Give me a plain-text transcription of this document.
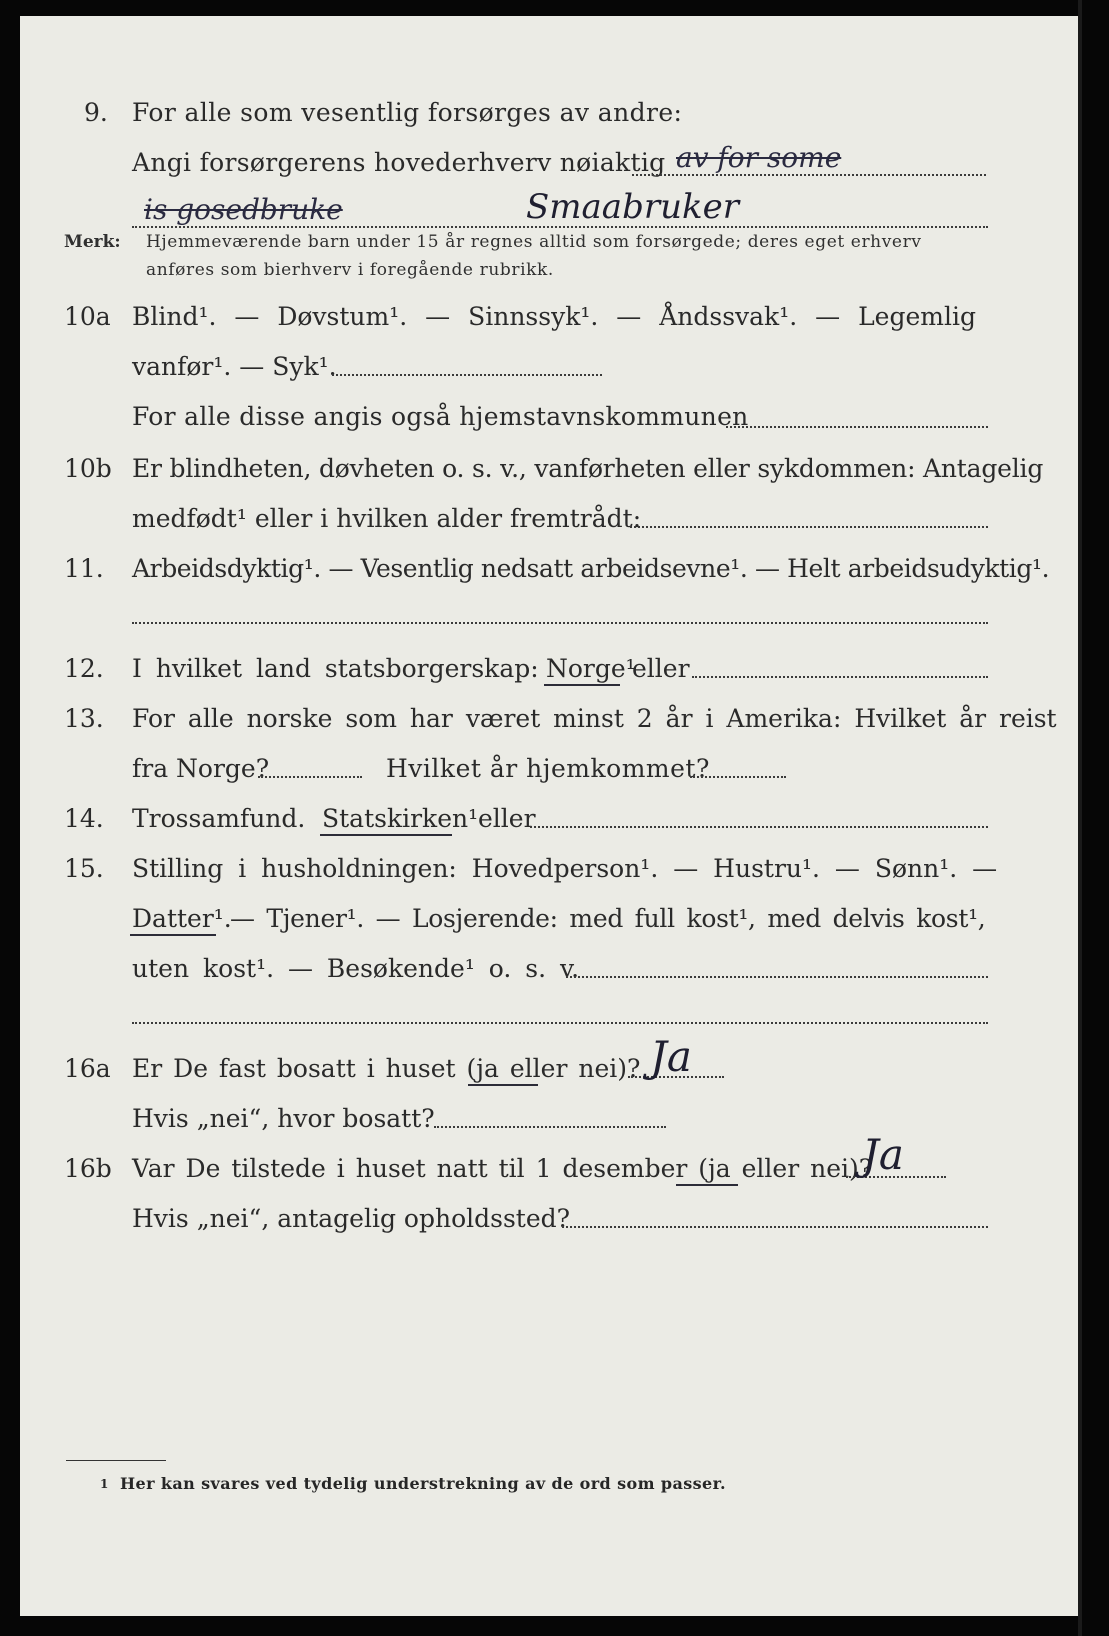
9. For alle som vesentlig forsørges av andre:
Angi forsørgerens hovederhverv nøiaktig av for some
is gosedbruke	Smaabruker
Merk: Hjemmeværende barn under 15 år regnes alltid som forsørgede; deres eget erhverv
anføres som bierhverv i foregående rubrikk.
10a Blind¹. — Døvstum¹. — Sinnssyk¹. — Åndssvak¹. — Legemlig
vanfør¹. — Syk¹.
For alle disse angis også hjemstavnskommunen
10b Er blindheten, døvheten o. s. v., vanførheten eller sykdommen: Antagelig
medfødt¹ eller i hvilken alder fremtrådt:
11. Arbeidsdyktig¹. — Vesentlig nedsatt arbeidsevne¹. — Helt arbeidsudyktig¹.
12. I hvilket land statsborgerskap: Norge¹
eller
13. For alle norske som har været minst 2 år i Amerika: Hvilket år reist
fra Norge?	Hvilket år hjemkommet?
14. Trossamfund. Statskirken¹ eller
15. Stilling i husholdningen: Hovedperson¹. — Hustru¹. — Sønn¹. —
Datter¹.
— Tjener¹. — Losjerende: med full kost¹, med delvis kost¹,
uten kost¹. — Besøkende¹ o. s. v.
16a Er De fast bosatt i huset (ja eller nei)? Ja
Hvis „nei“, hvor bosatt?
16b Var De tilstede i huset natt til 1 desember (ja eller nei)?
Ja
Hvis „nei“, antagelig opholdssted?
1 Her kan svares ved tydelig understrekning av de ord som passer.
